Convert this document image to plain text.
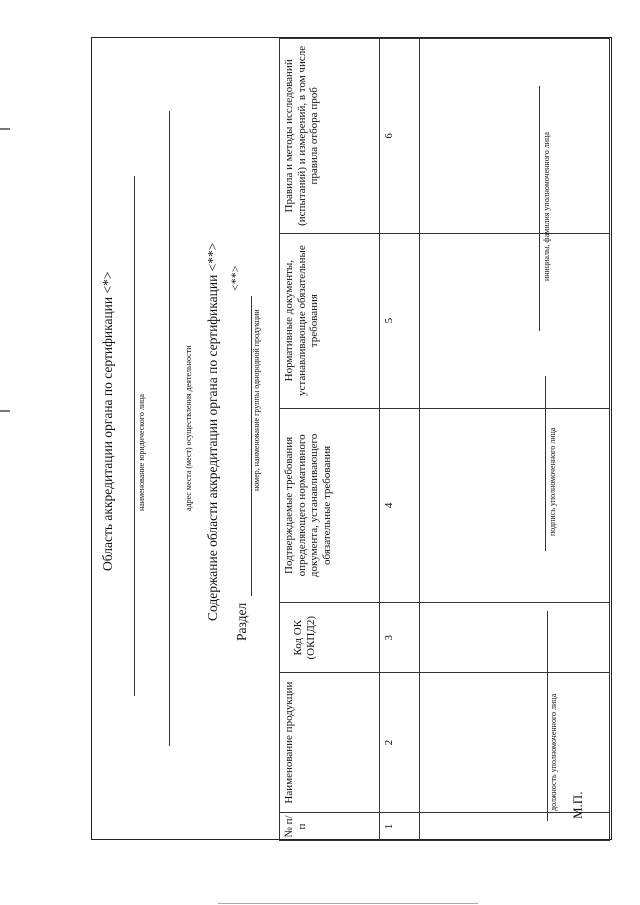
Область аккредитации органа по сертификации <*>	наименование юридического лица	адрес места (мест) осуществления деятельности Содержание области аккредитации органа по сертификации <**>
Раздел
<**>
номер, наименование группы однородной продукции
№ п/п	Наименование продукции	Код ОК (ОКПД2)	Подтверждаемые требования определяющего нормативного документа, устанавливающего обязательные требования	Нормативные документы, устанавливающие обязательные требования	Правила и методы исследований (испытаний) и измерений, в том числе правила отбора проб

1	2	3	4	5	6

должность уполномоченного лица
подпись уполномоченного лица
инициалы, фамилия уполномоченного лица
М.П.
